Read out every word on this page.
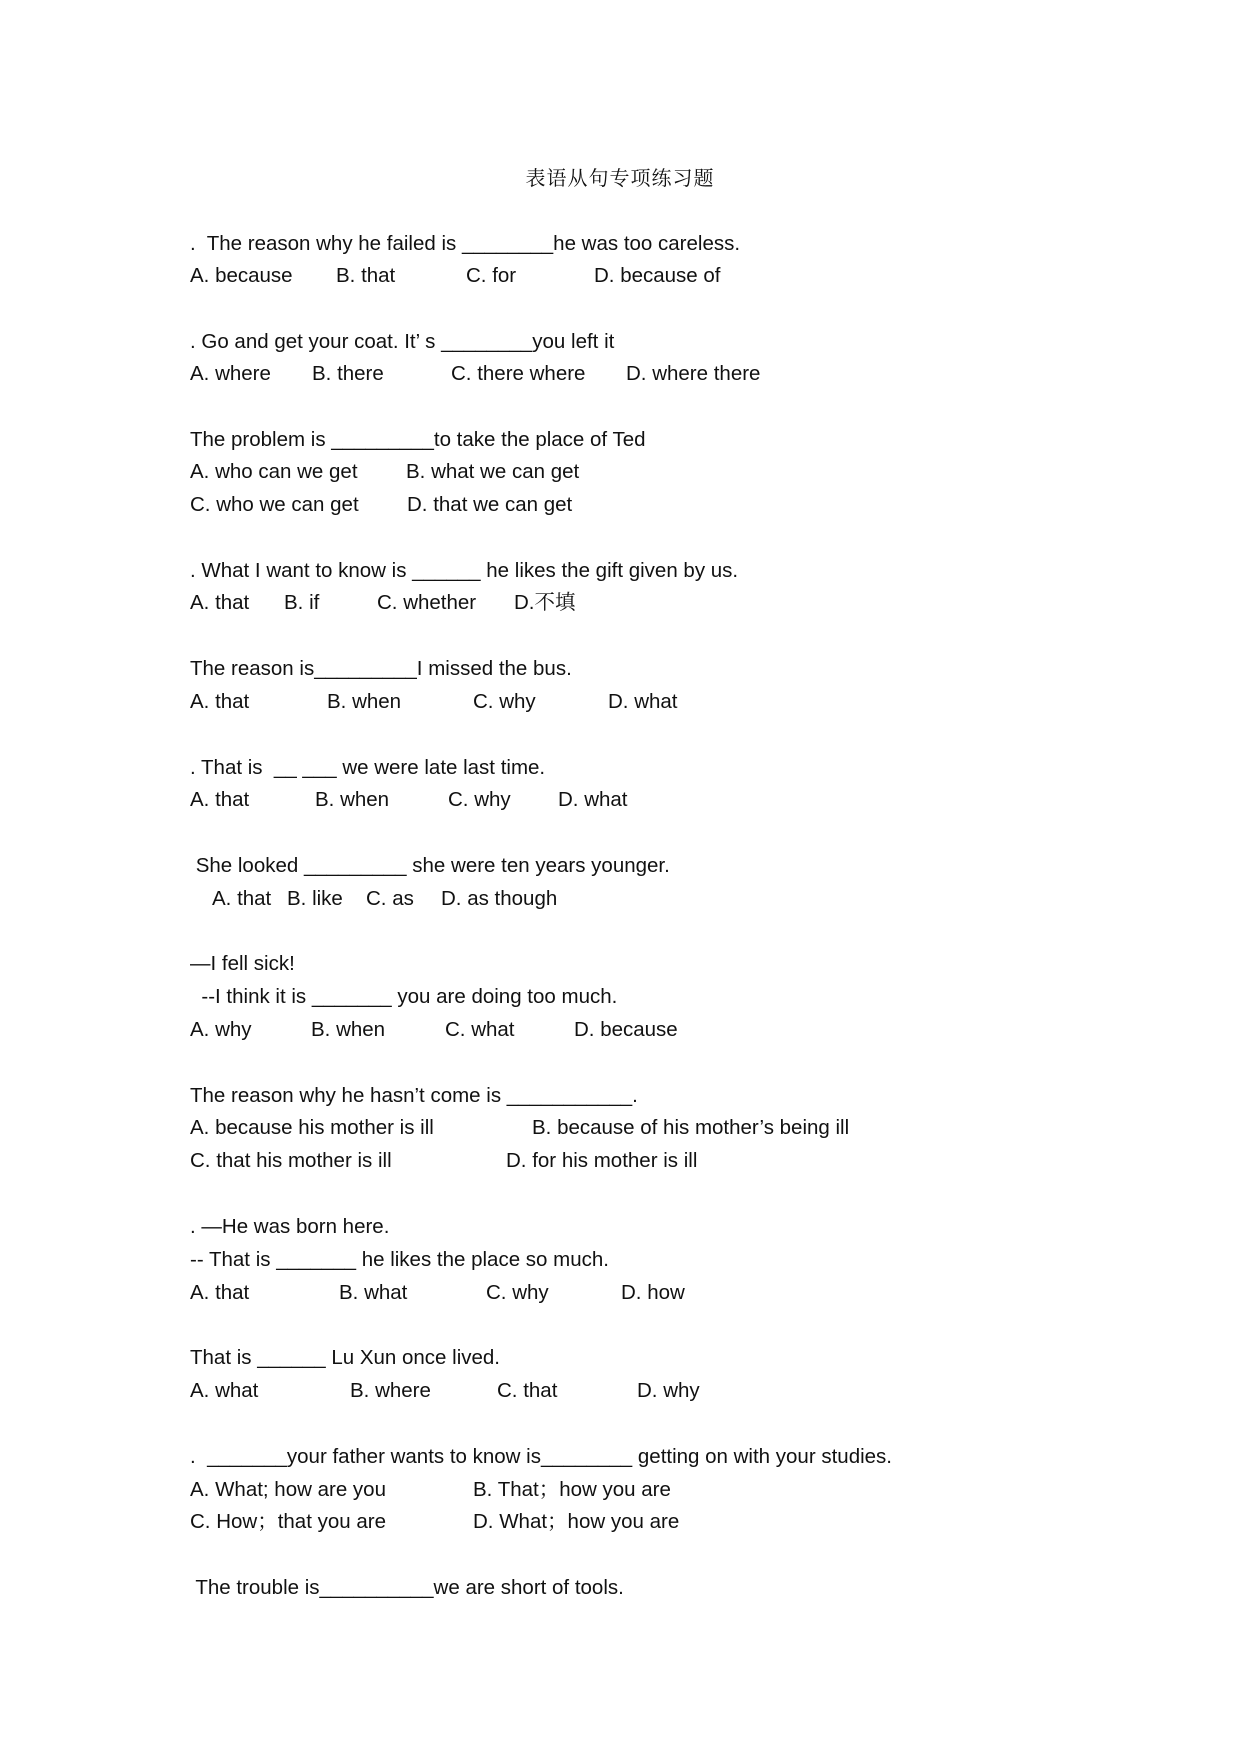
表语从句专项练习题
.  The reason why he failed is ________he was too careless.
A. because B. that	C. for	D. because of
. Go and get your coat. It’ s ________you left it
A. where B. there	C. there where D. where there
The problem is _________to take the place of Ted
A. who can we get B. what we can get
C. who we can get D. that we can get
. What I want to know is ______ he likes the gift given by us.
A. that B. if	C. whether D.不填
The reason is_________I missed the bus.
A. that	B. when	C. why	D. what
. That is  __ ___ we were late last time.
A. that	B. when	C. why D. what
She looked _________ she were ten years younger.
A. that B. like C. as D. as though
—I fell sick!
--I think it is _______ you are doing too much.
A. why	B. when	C. what	D. because
The reason why he hasn’t come is ___________.
A. because his mother is ill	B. because of his mother’s being ill
C. that his mother is ill	D. for his mother is ill
. —He was born here.
-- That is _______ he likes the place so much.
A. that	B. what	C. why	D. how
That is ______ Lu Xun once lived.
A. what	B. where	C. that	D. why
.  _______your father wants to know is________ getting on with your studies.
A. What; how are you	B. That；how you are
C. How；that you are	D. What；how you are
The trouble is__________we are short of tools.
